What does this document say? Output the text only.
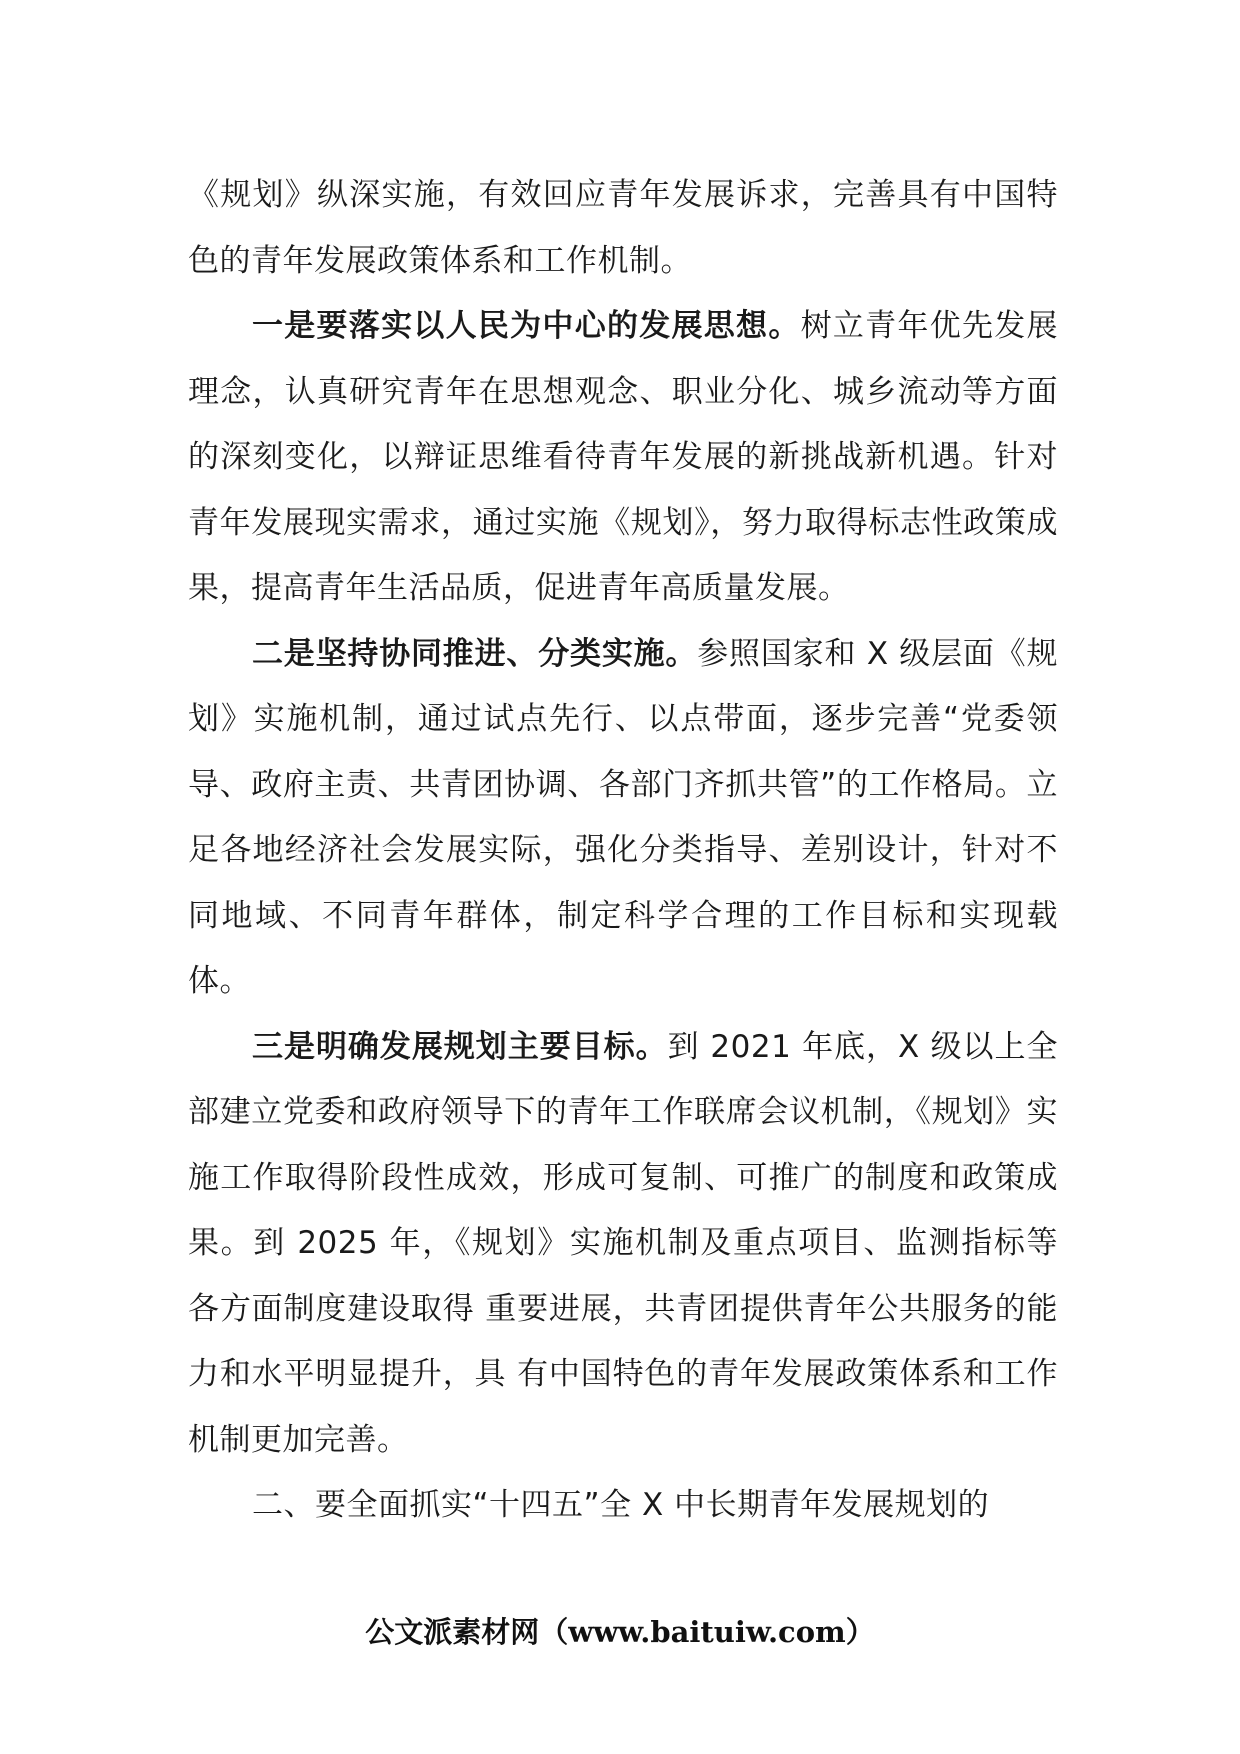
《规划》纵深实施，有效回应青年发展诉求，完善具有中国特色的青年发展政策体系和工作机制。

一是要落实以人民为中心的发展思想。树立青年优先发展理念，认真研究青年在思想观念、职业分化、城乡流动等方面的深刻变化，以辩证思维看待青年发展的新挑战新机遇。针对青年发展现实需求，通过实施《规划》，努力取得标志性政策成果，提高青年生活品质，促进青年高质量发展。

二是坚持协同推进、分类实施。参照国家和 X 级层面《规划》实施机制，通过试点先行、以点带面，逐步完善“党委领导、政府主责、共青团协调、各部门齐抓共管”的工作格局。立足各地经济社会发展实际，强化分类指导、差别设计，针对不同地域、不同青年群体，制定科学合理的工作目标和实现载体。

三是明确发展规划主要目标。到 2021 年底，X 级以上全部建立党委和政府领导下的青年工作联席会议机制，《规划》实施工作取得阶段性成效，形成可复制、可推广的制度和政策成果。到 2025 年，《规划》实施机制及重点项目、监测指标等各方面制度建设取得 重要进展，共青团提供青年公共服务的能力和水平明显提升，具 有中国特色的青年发展政策体系和工作机制更加完善。

二、要全面抓实“十四五”全 X 中长期青年发展规划的

公文派素材网（www.baituiw.com）
